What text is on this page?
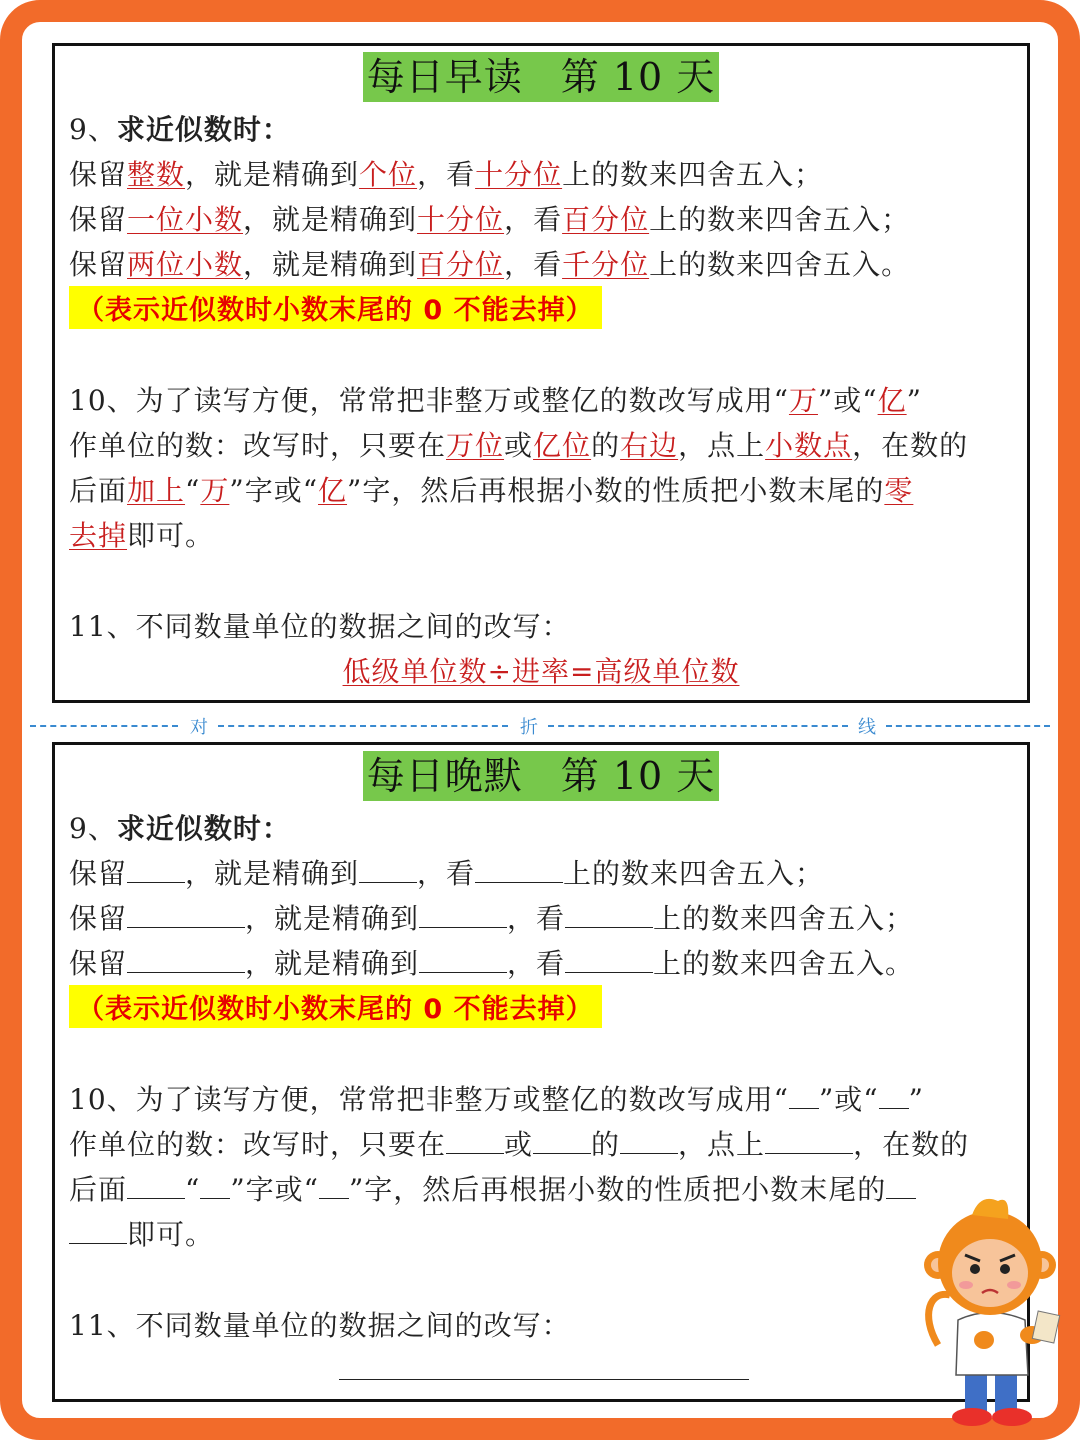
每日早读 第 10 天
9、求近似数时：
保留整数，就是精确到个位，看十分位上的数来四舍五入；
保留一位小数，就是精确到十分位，看百分位上的数来四舍五入；
保留两位小数，就是精确到百分位，看千分位上的数来四舍五入。
（表示近似数时小数末尾的 0 不能去掉）
10、为了读写方便，常常把非整万或整亿的数改写成用“万”或“亿”
作单位的数：改写时，只要在万位或亿位的右边，点上小数点，在数的
后面加上“万”字或“亿”字，然后再根据小数的性质把小数末尾的零
去掉即可。
11、不同数量单位的数据之间的改写：
低级单位数÷进率=高级单位数
对	折	线
每日晚默 第 10 天
9、求近似数时：
保留 ，就是精确到 ，看	上的数来四舍五入；
保留	，就是精确到	，看	上的数来四舍五入；
保留	，就是精确到	，看	上的数来四舍五入。
（表示近似数时小数末尾的 0 不能去掉）
10、为了读写方便，常常把非整万或整亿的数改写成用“ ”或“ ”
作单位的数：改写时，只要在 或 的 ，点上	，在数的
后面 “ ”字或“ ”字，然后再根据小数的性质把小数末尾的
即可。
11、不同数量单位的数据之间的改写：
